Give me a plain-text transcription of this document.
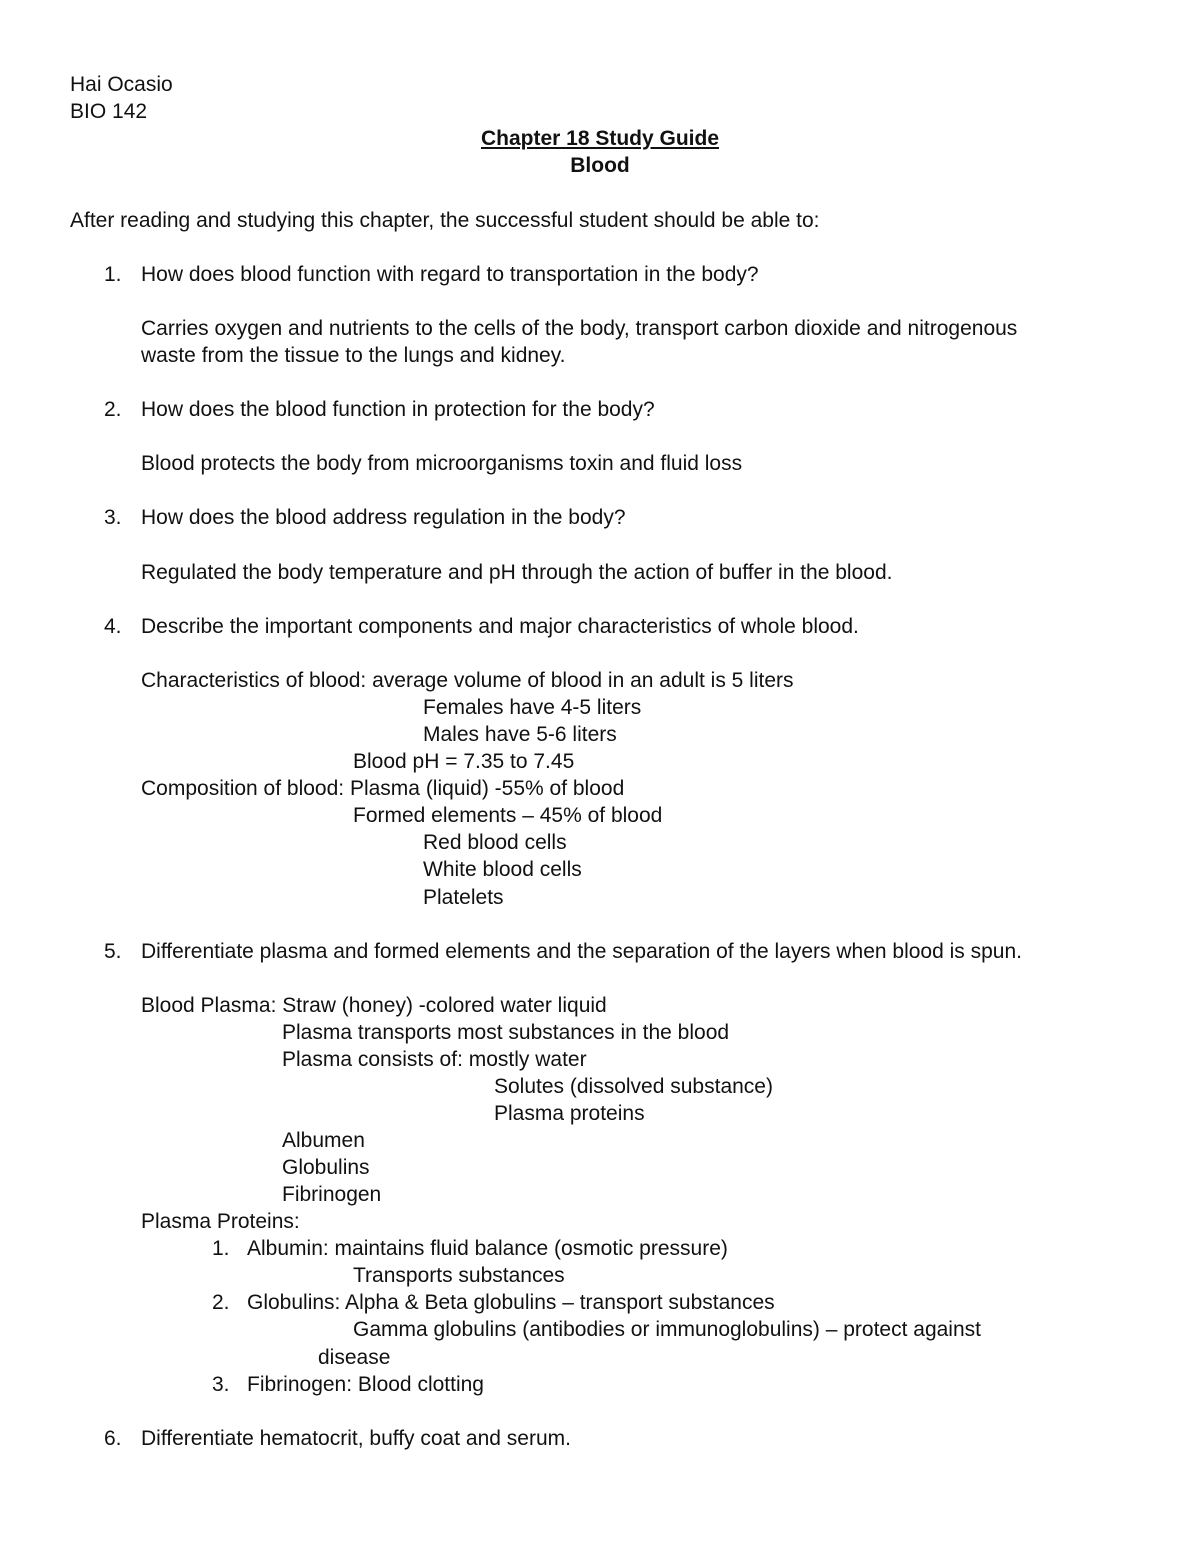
Hai Ocasio

BIO 142

Chapter 18 Study Guide

Blood

After reading and studying this chapter, the successful student should be able to:

1. How does blood function with regard to transportation in the body?

Carries oxygen and nutrients to the cells of the body, transport carbon dioxide and nitrogenous

waste from the tissue to the lungs and kidney.

2. How does the blood function in protection for the body?

Blood protects the body from microorganisms toxin and fluid loss

3. How does the blood address regulation in the body?

Regulated the body temperature and pH through the action of buffer in the blood.

4. Describe the important components and major characteristics of whole blood.

Characteristics of blood: average volume of blood in an adult is 5 liters

Females have 4-5 liters

Males have 5-6 liters

Blood pH = 7.35 to 7.45

Composition of blood: Plasma (liquid) -55% of blood

Formed elements – 45% of blood

Red blood cells

White blood cells

Platelets

5. Differentiate plasma and formed elements and the separation of the layers when blood is spun.

Blood Plasma: Straw (honey) -colored water liquid

Plasma transports most substances in the blood

Plasma consists of: mostly water

Solutes (dissolved substance)

Plasma proteins

Albumen

Globulins

Fibrinogen

Plasma Proteins:

1. Albumin: maintains fluid balance (osmotic pressure)

Transports substances

2. Globulins: Alpha & Beta globulins – transport substances

Gamma globulins (antibodies or immunoglobulins) – protect against

disease

3. Fibrinogen: Blood clotting

6. Differentiate hematocrit, buffy coat and serum.
